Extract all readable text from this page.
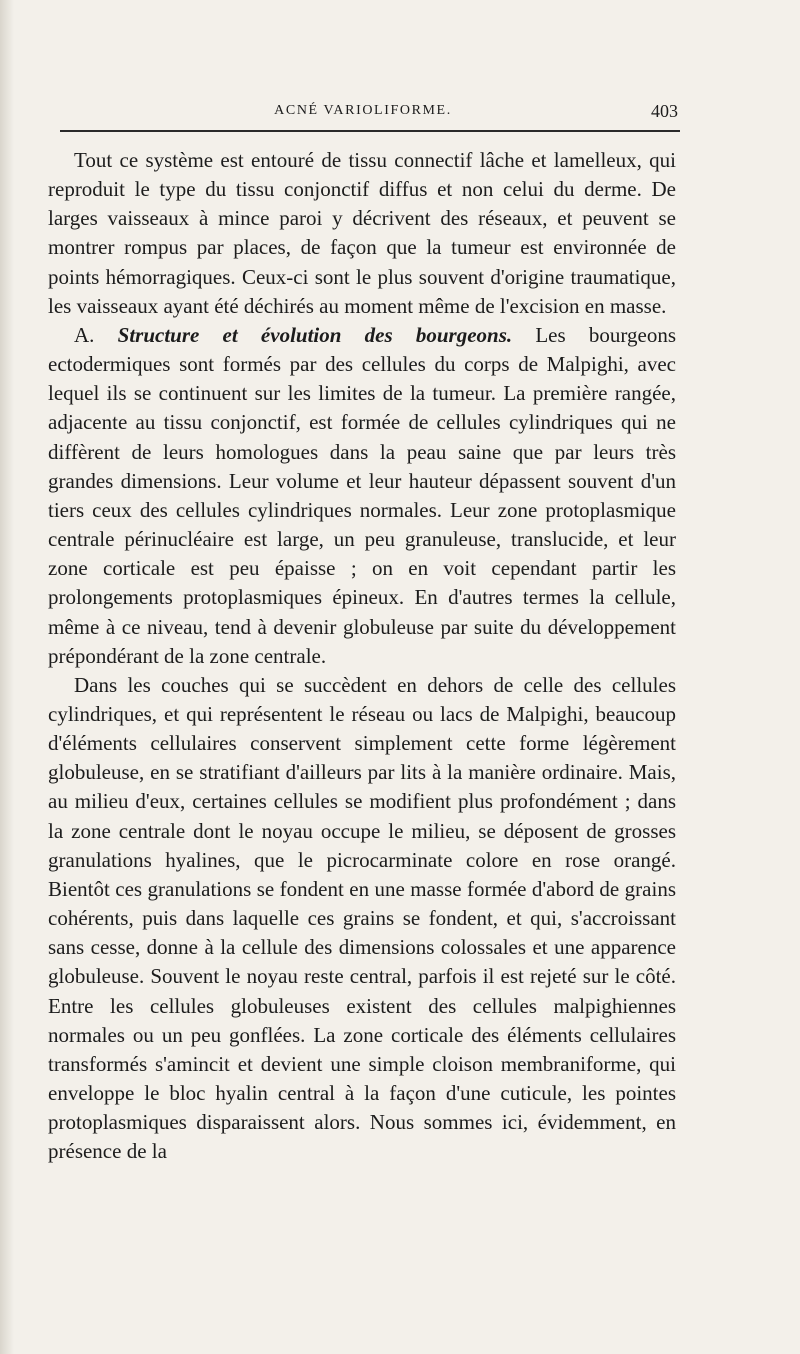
ACNÉ VARIOLIFORME.	403

Tout ce système est entouré de tissu connectif lâche et lamelleux, qui reproduit le type du tissu conjonctif diffus et non celui du derme. De larges vaisseaux à mince paroi y décrivent des réseaux, et peuvent se montrer rompus par places, de façon que la tumeur est environnée de points hémorragiques. Ceux-ci sont le plus souvent d'origine traumatique, les vaisseaux ayant été déchirés au moment même de l'excision en masse.

A. Structure et évolution des bourgeons. Les bourgeons ectodermiques sont formés par des cellules du corps de Malpighi, avec lequel ils se continuent sur les limites de la tumeur. La première rangée, adjacente au tissu conjonctif, est formée de cellules cylindriques qui ne diffèrent de leurs homologues dans la peau saine que par leurs très grandes dimensions. Leur volume et leur hauteur dépassent souvent d'un tiers ceux des cellules cylindriques normales. Leur zone protoplasmique centrale périnucléaire est large, un peu granuleuse, translucide, et leur zone corticale est peu épaisse ; on en voit cependant partir les prolongements protoplasmiques épineux. En d'autres termes la cellule, même à ce niveau, tend à devenir globuleuse par suite du développement prépondérant de la zone centrale.

Dans les couches qui se succèdent en dehors de celle des cellules cylindriques, et qui représentent le réseau ou lacs de Malpighi, beaucoup d'éléments cellulaires conservent simplement cette forme légèrement globuleuse, en se stratifiant d'ailleurs par lits à la manière ordinaire. Mais, au milieu d'eux, certaines cellules se modifient plus profondément ; dans la zone centrale dont le noyau occupe le milieu, se déposent de grosses granulations hyalines, que le picrocarminate colore en rose orangé. Bientôt ces granulations se fondent en une masse formée d'abord de grains cohérents, puis dans laquelle ces grains se fondent, et qui, s'accroissant sans cesse, donne à la cellule des dimensions colossales et une apparence globuleuse. Souvent le noyau reste central, parfois il est rejeté sur le côté. Entre les cellules globuleuses existent des cellules malpighiennes normales ou un peu gonflées. La zone corticale des éléments cellulaires transformés s'amincit et devient une simple cloison membraniforme, qui enveloppe le bloc hyalin central à la façon d'une cuticule, les pointes protoplasmiques disparaissent alors. Nous sommes ici, évidemment, en présence de la
